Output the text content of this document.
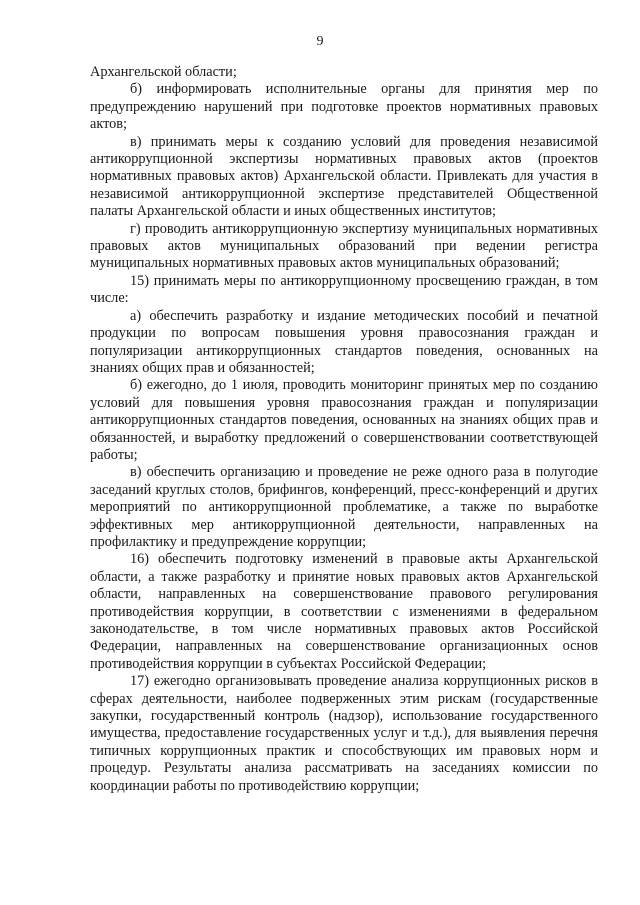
9

Архангельской области;

б) информировать исполнительные органы для принятия мер по предупреждению нарушений при подготовке проектов нормативных правовых актов;

в) принимать меры к созданию условий для проведения независимой антикоррупционной экспертизы нормативных правовых актов (проектов нормативных правовых актов) Архангельской области. Привлекать для участия в независимой антикоррупционной экспертизе представителей Общественной палаты Архангельской области и иных общественных институтов;

г) проводить антикоррупционную экспертизу муниципальных нормативных правовых актов муниципальных образований при ведении регистра муниципальных нормативных правовых актов муниципальных образований;

15) принимать меры по антикоррупционному просвещению граждан, в том числе:

а) обеспечить разработку и издание методических пособий и печатной продукции по вопросам повышения уровня правосознания граждан и популяризации антикоррупционных стандартов поведения, основанных на знаниях общих прав и обязанностей;

б) ежегодно, до 1 июля, проводить мониторинг принятых мер по созданию условий для повышения уровня правосознания граждан и популяризации антикоррупционных стандартов поведения, основанных на знаниях общих прав и обязанностей, и выработку предложений о совершенствовании соответствующей работы;

в) обеспечить организацию и проведение не реже одного раза в полугодие заседаний круглых столов, брифингов, конференций, пресс-конференций и других мероприятий по антикоррупционной проблематике, а также по выработке эффективных мер антикоррупционной деятельности, направленных на профилактику и предупреждение коррупции;

16) обеспечить подготовку изменений в правовые акты Архангельской области, а также разработку и принятие новых правовых актов Архангельской области, направленных на совершенствование правового регулирования противодействия коррупции, в соответствии с изменениями в федеральном законодательстве, в том числе нормативных правовых актов Российской Федерации, направленных на совершенствование организационных основ противодействия коррупции в субъектах Российской Федерации;

17) ежегодно организовывать проведение анализа коррупционных рисков в сферах деятельности, наиболее подверженных этим рискам (государственные закупки, государственный контроль (надзор), использование государственного имущества, предоставление государственных услуг и т.д.), для выявления перечня типичных коррупционных практик и способствующих им правовых норм и процедур. Результаты анализа рассматривать на заседаниях комиссии по координации работы по противодействию коррупции;
